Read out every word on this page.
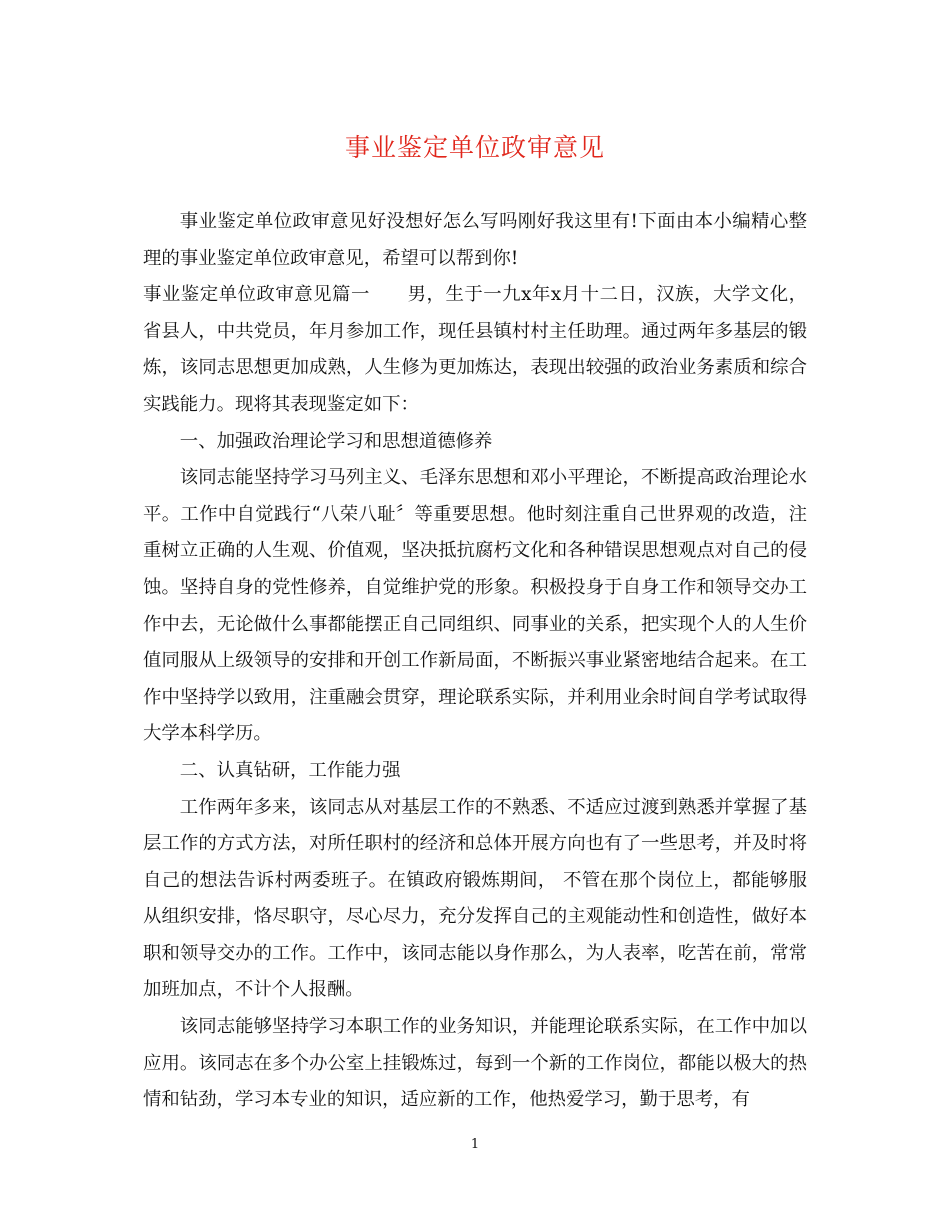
事业鉴定单位政审意见

事业鉴定单位政审意见好没想好怎么写吗刚好我这里有!下面由本小编精心整理的事业鉴定单位政审意见，希望可以帮到你!

事业鉴定单位政审意见篇一　　男，生于一九x年x月十二日，汉族，大学文化，省县人，中共党员，年月参加工作，现任县镇村村主任助理。通过两年多基层的锻炼，该同志思想更加成熟，人生修为更加炼达，表现出较强的政治业务素质和综合实践能力。现将其表现鉴定如下：

一、加强政治理论学习和思想道德修养

该同志能坚持学习马列主义、毛泽东思想和邓小平理论，不断提高政治理论水平。工作中自觉践行“八荣八耻〞等重要思想。他时刻注重自己世界观的改造，注重树立正确的人生观、价值观，坚决抵抗腐朽文化和各种错误思想观点对自己的侵蚀。坚持自身的党性修养，自觉维护党的形象。积极投身于自身工作和领导交办工作中去，无论做什么事都能摆正自己同组织、同事业的关系，把实现个人的人生价值同服从上级领导的安排和开创工作新局面，不断振兴事业紧密地结合起来。在工作中坚持学以致用，注重融会贯穿，理论联系实际，并利用业余时间自学考试取得大学本科学历。

二、认真钻研，工作能力强

工作两年多来，该同志从对基层工作的不熟悉、不适应过渡到熟悉并掌握了基层工作的方式方法，对所任职村的经济和总体开展方向也有了一些思考，并及时将自己的想法告诉村两委班子。在镇政府锻炼期间， 不管在那个岗位上，都能够服从组织安排，恪尽职守，尽心尽力，充分发挥自己的主观能动性和创造性，做好本职和领导交办的工作。工作中，该同志能以身作那么，为人表率，吃苦在前，常常加班加点，不计个人报酬。

该同志能够坚持学习本职工作的业务知识，并能理论联系实际，在工作中加以应用。该同志在多个办公室上挂锻炼过，每到一个新的工作岗位，都能以极大的热情和钻劲，学习本专业的知识，适应新的工作，他热爱学习，勤于思考，有

1
